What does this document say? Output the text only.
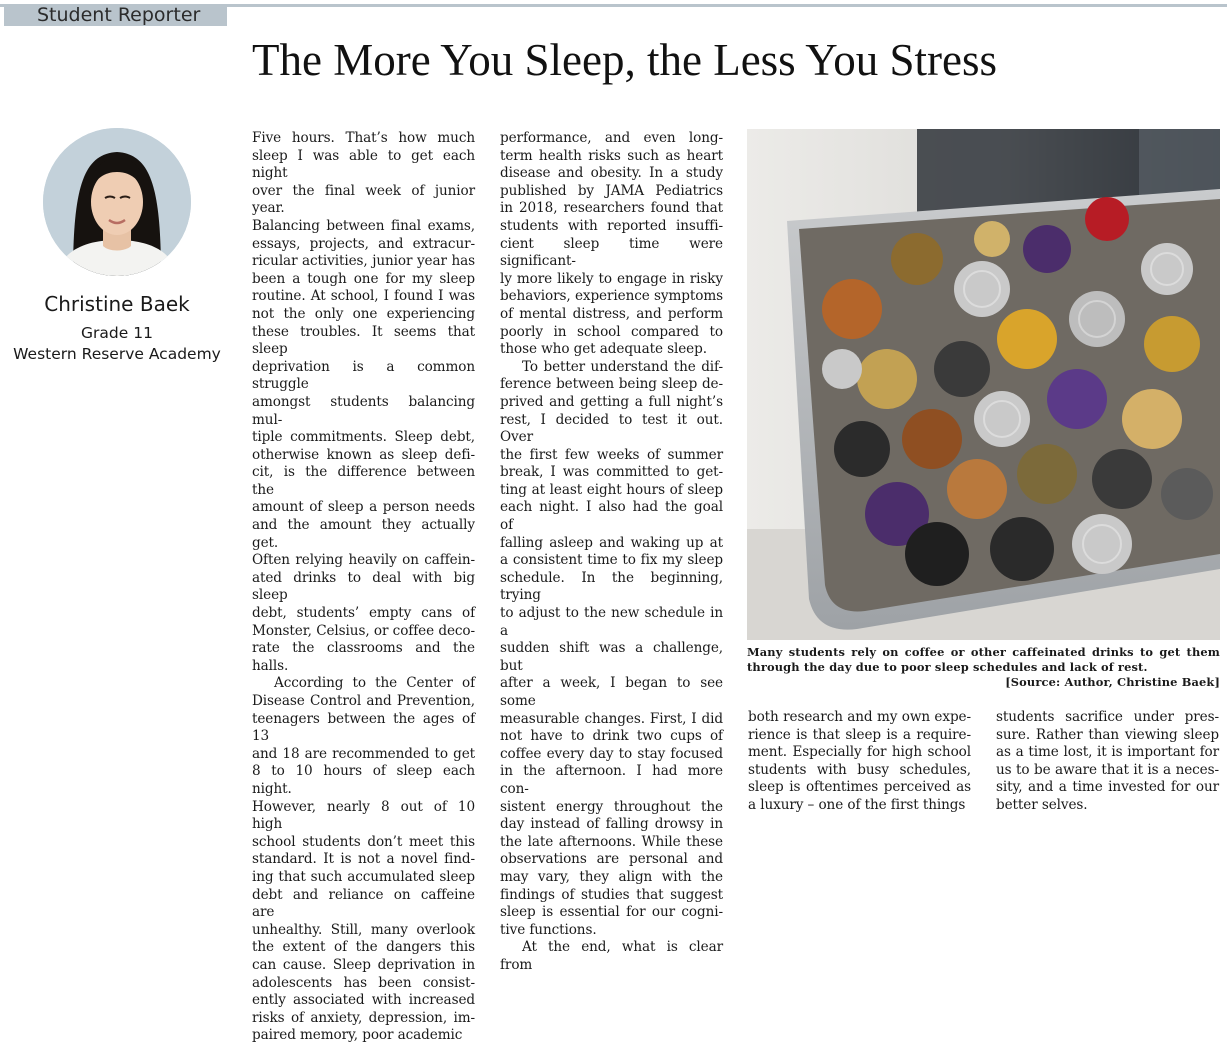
Student Reporter
The More You Sleep, the Less You Stress
Christine Baek
Grade 11
Western Reserve Academy

Five hours. That’s how much
sleep I was able to get each night
over the final week of junior year.
Balancing between final exams,
essays, projects, and extracur-
ricular activities, junior year has
been a tough one for my sleep
routine. At school, I found I was
not the only one experiencing
these troubles. It seems that sleep
deprivation is a common struggle
amongst students balancing mul-
tiple commitments. Sleep debt,
otherwise known as sleep defi-
cit, is the difference between the
amount of sleep a person needs
and the amount they actually get.
Often relying heavily on caffein-
ated drinks to deal with big sleep
debt, students’ empty cans of
Monster, Celsius, or coffee deco-
rate the classrooms and the halls.

According to the Center of
Disease Control and Prevention,
teenagers between the ages of 13
and 18 are recommended to get
8 to 10 hours of sleep each night.
However, nearly 8 out of 10 high
school students don’t meet this
standard. It is not a novel find-
ing that such accumulated sleep
debt and reliance on caffeine are
unhealthy. Still, many overlook
the extent of the dangers this
can cause. Sleep deprivation in
adolescents has been consist-
ently associated with increased
risks of anxiety, depression, im-
paired memory, poor academic

performance, and even long-
term health risks such as heart
disease and obesity. In a study
published by JAMA Pediatrics
in 2018, researchers found that
students with reported insuffi-
cient sleep time were significant-
ly more likely to engage in risky
behaviors, experience symptoms
of mental distress, and perform
poorly in school compared to
those who get adequate sleep.

To better understand the dif-
ference between being sleep de-
prived and getting a full night’s
rest, I decided to test it out. Over
the first few weeks of summer
break, I was committed to get-
ting at least eight hours of sleep
each night. I also had the goal of
falling asleep and waking up at
a consistent time to fix my sleep
schedule. In the beginning, trying
to adjust to the new schedule in a
sudden shift was a challenge, but
after a week, I began to see some
measurable changes. First, I did
not have to drink two cups of
coffee every day to stay focused
in the afternoon. I had more con-
sistent energy throughout the
day instead of falling drowsy in
the late afternoons. While these
observations are personal and
may vary, they align with the
findings of studies that suggest
sleep is essential for our cogni-
tive functions.

At the end, what is clear from

Many students rely on coffee or other caffeinated drinks to get them through the day due to poor sleep schedules and lack of rest.

[Source: Author, Christine Baek]

both research and my own expe-
rience is that sleep is a require-
ment. Especially for high school
students with busy schedules,
sleep is oftentimes perceived as
a luxury – one of the first things

students sacrifice under pres-
sure. Rather than viewing sleep
as a time lost, it is important for
us to be aware that it is a neces-
sity, and a time invested for our
better selves.
